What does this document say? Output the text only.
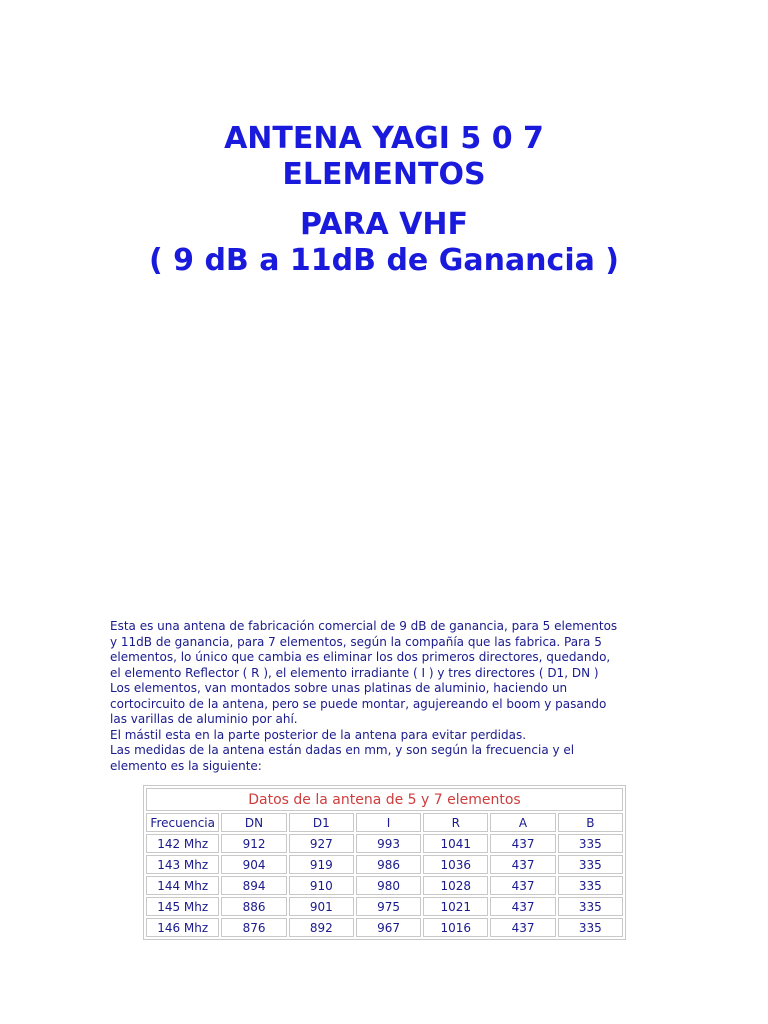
ANTENA YAGI 5 0 7
ELEMENTOS
PARA VHF
( 9 dB a 11dB de Ganancia )
Esta es una antena de fabricación comercial de 9 dB de ganancia, para 5 elementos
y 11dB de ganancia, para 7 elementos, según la compañía que las fabrica. Para 5
elementos, lo único que cambia es eliminar los dos primeros directores, quedando,
el elemento Reflector ( R ), el elemento irradiante ( I ) y tres directores ( D1, DN )
Los elementos, van montados sobre unas platinas de aluminio, haciendo un
cortocircuito de la antena, pero se puede montar, agujereando el boom y pasando
las varillas de aluminio por ahí.
El mástil esta en la parte posterior de la antena para evitar perdidas.
Las medidas de la antena están dadas en mm, y son según la frecuencia y el
elemento es la siguiente:
Datos de la antena de 5 y 7 elementos						
Frecuencia	DN	D1	I	R	A	B
142 Mhz	912	927	993	1041	437	335
143 Mhz	904	919	986	1036	437	335
144 Mhz	894	910	980	1028	437	335
145 Mhz	886	901	975	1021	437	335
146 Mhz	876	892	967	1016	437	335
